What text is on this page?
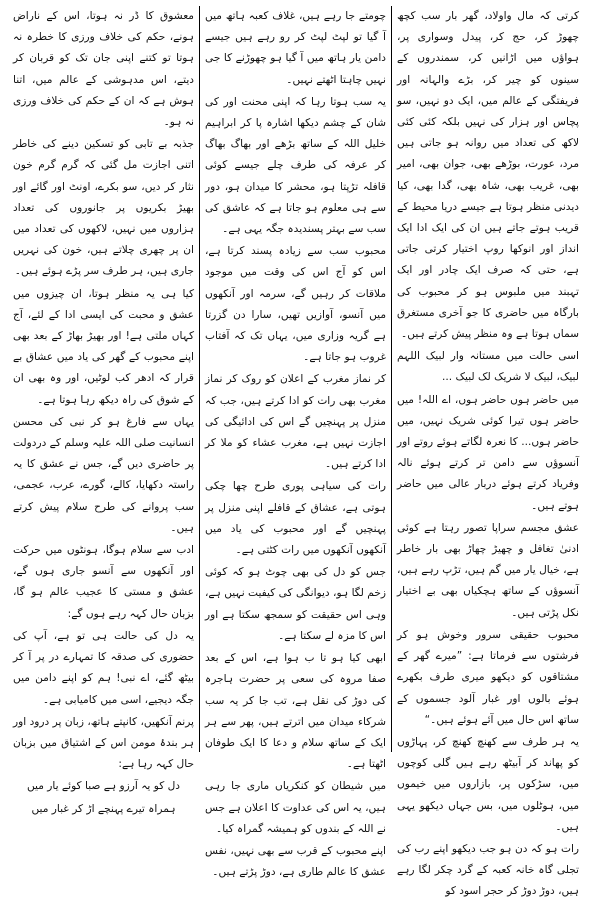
کرتی کہ مال واولاد، گھر بار سب کچھ چھوڑ کر، حج کر، پیدل وسواری پر، ہواؤں میں اڑانیں کر، سمندروں کے سینوں کو چیر کر، بڑے والہانہ اور فریفتگی کے عالم میں، ایک دو نہیں، سو پچاس اور ہزار کی نہیں بلکہ کئی کئی لاکھ کی تعداد میں روانہ ہو جاتی ہیں مرد، عورت، بوڑھے بھی، جوان بھی، امیر بھی، غریب بھی، شاہ بھی، گدا بھی، کیا دیدنی منظر ہوتا ہے جیسے دریا محیط کے قریب ہوتے جاتے ہیں ان کی ایک ادا ایک انداز اور انوکھا روپ اختیار کرتی جاتی ہے، حتی کہ صرف ایک چادر اور ایک تہبند میں ملبوس ہو کر محبوب کی بارگاہ میں حاضری کا جو آخری مستغرق سماں ہوتا ہے وہ منظر پیش کرتے ہیں۔

اسی حالت میں مستانہ وار لبیک اللہم لبیک، لبیک لا شریک لک لبیک ...

میں حاضر ہوں حاضر ہوں، اے اللہ! میں حاضر ہوں تیرا کوئی شریک نہیں، میں حاضر ہوں... کا نعرہ لگاتے ہوئے روتے اور آنسوؤں سے دامن تر کرتے ہوئے نالہ وفریاد کرتے ہوئے دربار عالی میں حاضر ہوتے ہیں۔

عشق مجسم سراپا تصور رہتا ہے کوئی ادنیٰ تغافل و چھیڑ چھاڑ بھی بار خاطر ہے، خیال یار میں گم ہیں، تڑپ رہے ہیں، آنسوؤں کے ساتھ ہچکیاں بھی بے اختیار نکل پڑتی ہیں۔

محبوب حقیقی سرور وخوش ہو کر فرشتوں سے فرماتا ہے: ”میرے گھر کے مشتاقوں کو دیکھو میری طرف بکھرے ہوئے بالوں اور غبار آلود جسموں کے ساتھ اس حال میں آئے ہوئے ہیں۔“

یہ ہر طرف سے کھنچ کھنچ کر، پہاڑوں کو پھاند کر آبیٹھ رہے ہیں گلی کوچوں میں، سڑکوں پر، بازاروں میں خیموں میں، ہوٹلوں میں، بس جہاں دیکھو یہی ہیں۔

رات ہو کہ دن ہو جب دیکھو اپنے رب کی تجلی گاہ خانہ کعبہ کے گرد چکر لگا رہے ہیں، دوڑ دوڑ کر حجر اسود کو

چومتے جا رہے ہیں، غلاف کعبہ ہاتھ میں آ گیا تو لپٹ لپٹ کر رو رہے ہیں جیسے دامن یار ہاتھ میں آ گیا ہو چھوڑنے کا جی نہیں چاہتا اٹھتے نہیں۔

یہ سب ہوتا رہا کہ اپنی محنت اور کی شان کے چشم دیکھا اشارہ پا کر ابراہیم خلیل اللہ کے ساتھ بڑھے اور بھاگ بھاگ کر عرفہ کی طرف چلے جیسے کوئی قافلہ تڑپتا ہو، محشر کا میدان ہو، دور سے ہی معلوم ہو جاتا ہے کہ عاشق کی سب سے بہتر پسندیدہ جگہ یہی ہے۔

محبوب سب سے زیادہ پسند کرتا ہے، اس کو آج اس کی وقت میں موجود ملاقات کر رہیں گے، سرمہ اور آنکھوں میں آنسو، آوازیں تھیں، سارا دن گزرتا ہے گریہ وزاری میں، یہاں تک کہ آفتاب غروب ہو جاتا ہے۔

کر نماز مغرب کے اعلان کو روک کر نماز مغرب بھی رات کو ادا کرتے ہیں، جب کہ منزل پر پہنچیں گے اس کی ادائیگی کی اجازت نہیں ہے، مغرب عشاء کو ملا کر ادا کرتے ہیں۔

رات کی سیاہی پوری طرح چھا چکی ہوتی ہے، عشاق کے قافلے اپنی منزل پر پہنچیں گے اور محبوب کی یاد میں آنکھوں آنکھوں میں رات کٹتی ہے۔

جس کو دل کی بھی چوٹ ہو کہ کوئی زخم لگا ہو، دیوانگی کی کیفیت نہیں ہے، وہی اس حقیقت کو سمجھ سکتا ہے اور اس کا مزہ لے سکتا ہے۔

ابھی کیا ہو تا ب ہوا ہے، اس کے بعد صفا مروہ کی سعی پر حضرت ہاجرہ کی دوڑ کی نقل ہے، تب جا کر یہ سب شرکاء میدان میں اترتے ہیں، پھر سے ہر ایک کے ساتھ سلام و دعا کا ایک طوفان اٹھتا ہے۔

میں شیطان کو کنکریاں ماری جا رہی ہیں، یہ اس کی عداوت کا اعلان ہے جس نے اللہ کے بندوں کو ہمیشہ گمراہ کیا۔

اپنے محبوب کے قرب سے بھی نہیں، نفس عشق کا عالم طاری ہے، دوڑ پڑتے ہیں۔

معشوق کا ڈر نہ ہوتا، اس کے ناراض ہونے، حکم کی خلاف ورزی کا خطرہ نہ ہوتا تو کتنے اپنی جان تک کو قربان کر دیتے، اس مدہوشی کے عالم میں، اتنا ہوش ہے کہ ان کے حکم کی خلاف ورزی نہ ہو۔

جذبہ بے تابی کو تسکین دینے کی خاطر اتنی اجازت مل گئی کہ گرم گرم خون نثار کر دیں، سو بکرے، اونٹ اور گائے اور بھیڑ بکریوں پر جانوروں کی تعداد ہزاروں میں نہیں، لاکھوں کی تعداد میں ان پر چھری چلاتے ہیں، خون کی نہریں جاری ہیں، ہر طرف سر پڑے ہوئے ہیں۔

کیا ہی یہ منظر ہوتا، ان چیزوں میں عشق و محبت کی ایسی ادا کے لئے، آج کہاں ملتی ہے! اور بھیڑ بھاڑ کے بعد بھی اپنے محبوب کے گھر کی یاد میں عشاق بے قرار کہ ادھر کب لوٹیں، اور وہ بھی ان کے شوق کی راہ دیکھ رہا ہوتا ہے۔

یہاں سے فارغ ہو کر نبی کی محسن انسانیت صلی اللہ علیہ وسلم کے دردولت پر حاضری دیں گے، جس نے عشق کا یہ راستہ دکھایا، کالے، گورے، عرب، عجمی، سب پروانے کی طرح سلام پیش کرتے ہیں۔

ادب سے سلام ہوگا، ہونٹوں میں حرکت اور آنکھوں سے آنسو جاری ہوں گے، عشق و مستی کا عجیب عالم ہو گا، بزبان حال کہہ رہے ہوں گے:

یہ دل کی حالت ہی تو ہے، آپ کی حضوری کی صدقہ کا تمہارے در پر آ کر بیٹھ گئے، اے نبی! ہم کو اپنے دامن میں جگہ دیجیے، اسی میں کامیابی ہے۔

پرنم آنکھیں، کانپتے ہاتھ، زبان پر درود اور ہر بندۂ مومن اس کے اشتیاق میں بزبان حال کہہ رہا ہے:

دل کو یہ آرزو ہے صبا کوئے یار میں

ہمراہ تیرے پہنچے اڑ کر غبار میں
